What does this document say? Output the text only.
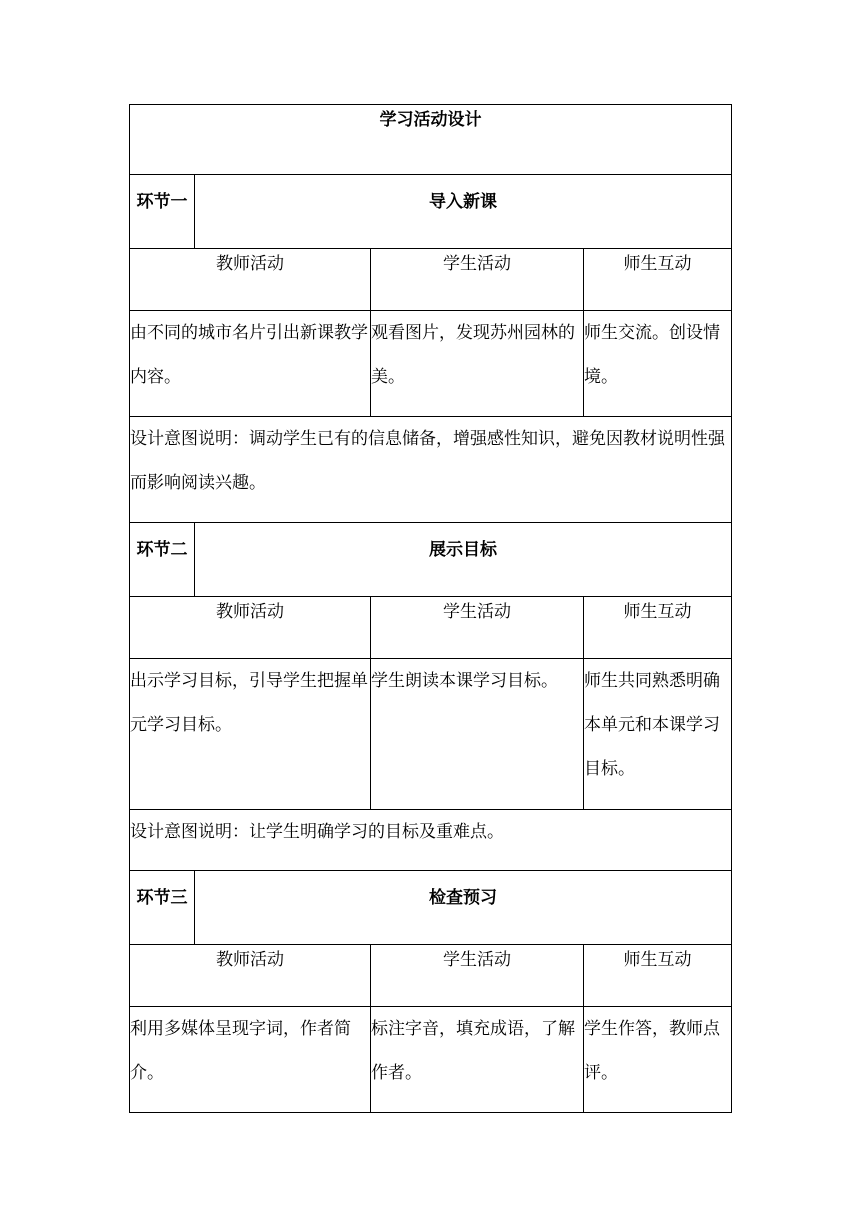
学习活动设计			
环节一	导入新课		
教师活动		学生活动	师生互动
由不同的城市名片引出新课教学内容。		观看图片，发现苏州园林的美。	师生交流。创设情境。
设计意图说明：调动学生已有的信息储备，增强感性知识，避免因教材说明性强而影响阅读兴趣。			
环节二	展示目标		
教师活动		学生活动	师生互动
出示学习目标，引导学生把握单元学习目标。		学生朗读本课学习目标。	师生共同熟悉明确本单元和本课学习目标。
设计意图说明：让学生明确学习的目标及重难点。			
环节三	检查预习		
教师活动		学生活动	师生互动
利用多媒体呈现字词，作者简介。		标注字音，填充成语，了解作者。	学生作答，教师点评。
